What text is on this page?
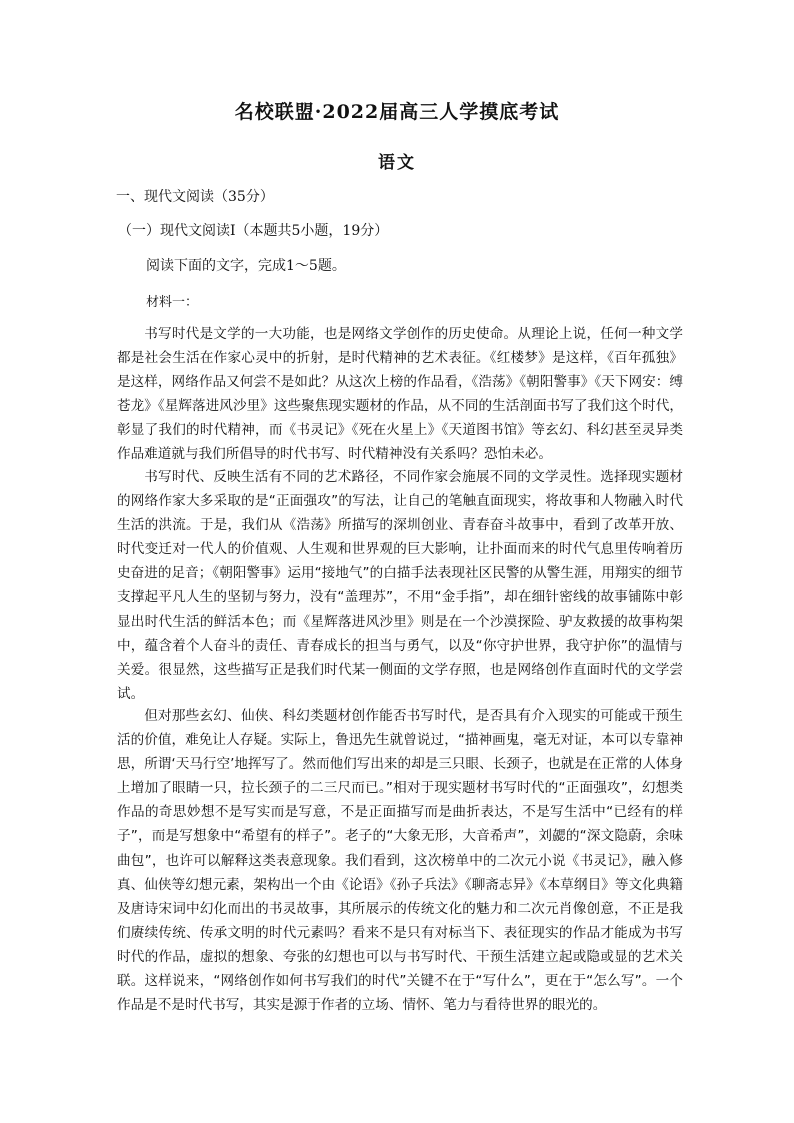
名校联盟·2022届高三人学摸底考试
语文
一、现代文阅读（35分）
（一）现代文阅读Ⅰ（本题共5小题，19分）
阅读下面的文字，完成1～5题。
材料一：

书写时代是文学的一大功能，也是网络文学创作的历史使命。从理论上说，任何一种文学都是社会生活在作家心灵中的折射，是时代精神的艺术表征。《红楼梦》是这样，《百年孤独》是这样，网络作品又何尝不是如此？从这次上榜的作品看，《浩荡》《朝阳警事》《天下网安：缚苍龙》《星辉落进风沙里》这些聚焦现实题材的作品，从不同的生活剖面书写了我们这个时代，彰显了我们的时代精神，而《书灵记》《死在火星上》《天道图书馆》等玄幻、科幻甚至灵异类作品难道就与我们所倡导的时代书写、时代精神没有关系吗？恐怕未必。

书写时代、反映生活有不同的艺术路径，不同作家会施展不同的文学灵性。选择现实题材的网络作家大多采取的是“正面强攻”的写法，让自己的笔触直面现实，将故事和人物融入时代生活的洪流。于是，我们从《浩荡》所描写的深圳创业、青春奋斗故事中，看到了改革开放、时代变迁对一代人的价值观、人生观和世界观的巨大影响，让扑面而来的时代气息里传响着历史奋进的足音；《朝阳警事》运用“接地气”的白描手法表现社区民警的从警生涯，用翔实的细节支撑起平凡人生的坚韧与努力，没有“盖理苏”，不用“金手指”，却在细针密线的故事铺陈中彰显出时代生活的鲜活本色；而《星辉落进风沙里》则是在一个沙漠探险、驴友救援的故事构架中，蕴含着个人奋斗的责任、青春成长的担当与勇气，以及“你守护世界，我守护你”的温情与关爱。很显然，这些描写正是我们时代某一侧面的文学存照，也是网络创作直面时代的文学尝试。

但对那些玄幻、仙侠、科幻类题材创作能否书写时代，是否具有介入现实的可能或干预生活的价值，难免让人存疑。实际上，鲁迅先生就曾说过，“描神画鬼，毫无对证，本可以专靠神思，所谓‘天马行空’地挥写了。然而他们写出来的却是三只眼、长颈子，也就是在正常的人体身上增加了眼睛一只，拉长颈子的二三尺而已。”相对于现实题材书写时代的“正面强攻”，幻想类作品的奇思妙想不是写实而是写意，不是正面描写而是曲折表达，不是写生活中“已经有的样子”，而是写想象中“希望有的样子”。老子的“大象无形，大音希声”，刘勰的“深文隐蔚，余味曲包”，也许可以解释这类表意现象。我们看到，这次榜单中的二次元小说《书灵记》，融入修真、仙侠等幻想元素，架构出一个由《论语》《孙子兵法》《聊斋志异》《本草纲目》等文化典籍及唐诗宋词中幻化而出的书灵故事，其所展示的传统文化的魅力和二次元肖像创意，不正是我们赓续传统、传承文明的时代元素吗？看来不是只有对标当下、表征现实的作品才能成为书写时代的作品，虚拟的想象、夸张的幻想也可以与书写时代、干预生活建立起或隐或显的艺术关联。这样说来，“网络创作如何书写我们的时代”关键不在于“写什么”，更在于“怎么写”。一个作品是不是时代书写，其实是源于作者的立场、情怀、笔力与看待世界的眼光的。
